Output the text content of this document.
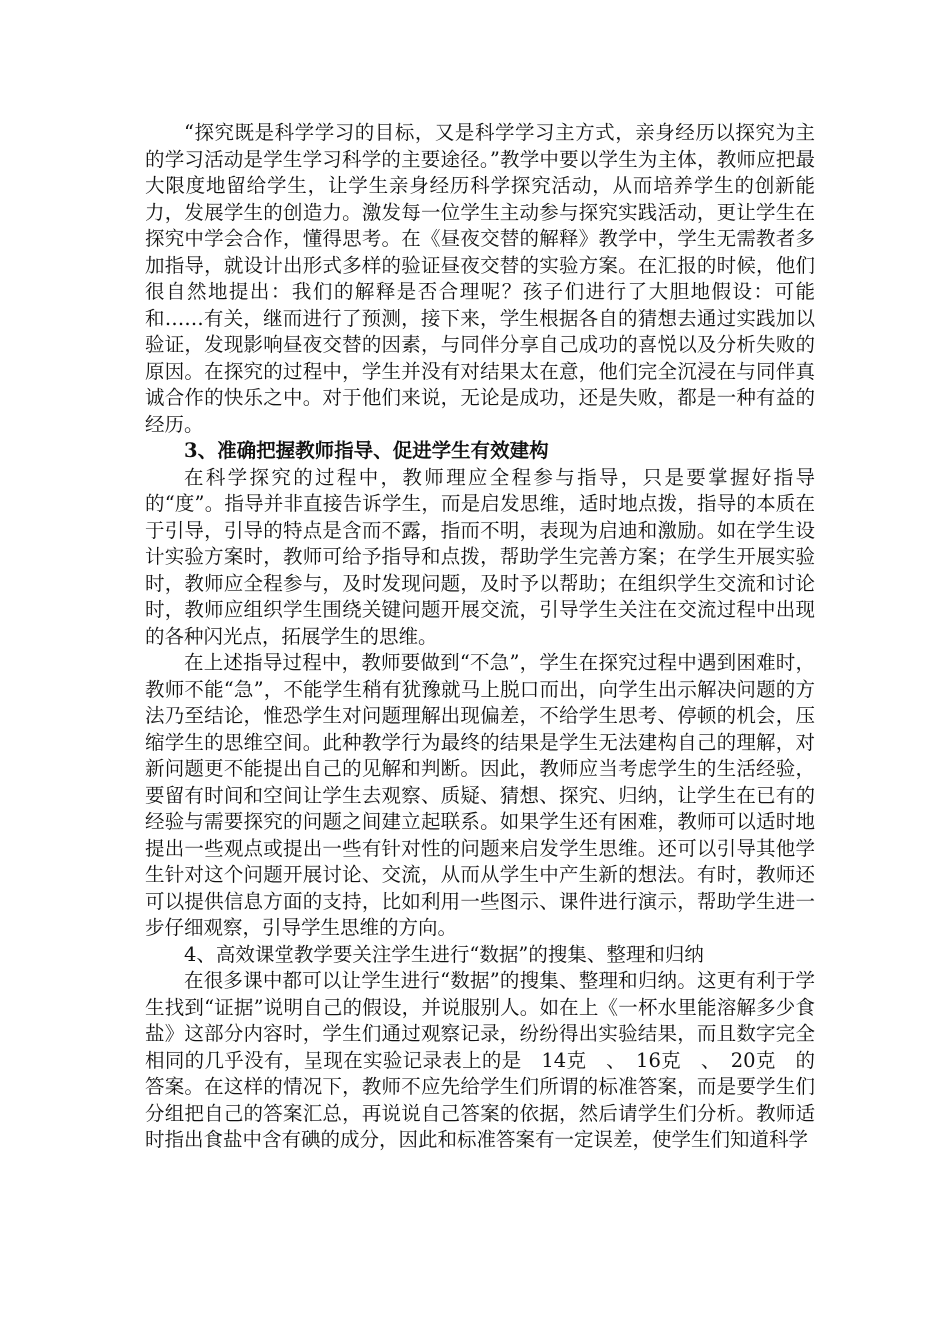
“探究既是科学学习的目标，又是科学学习主方式，亲身经历以探究为主的学习活动是学生学习科学的主要途径。”教学中要以学生为主体，教师应把最大限度地留给学生，让学生亲身经历科学探究活动，从而培养学生的创新能力，发展学生的创造力。激发每一位学生主动参与探究实践活动，更让学生在探究中学会合作，懂得思考。在《昼夜交替的解释》教学中，学生无需教者多加指导，就设计出形式多样的验证昼夜交替的实验方案。在汇报的时候，他们很自然地提出：我们的解释是否合理呢？孩子们进行了大胆地假设：可能和……有关，继而进行了预测，接下来，学生根据各自的猜想去通过实践加以验证，发现影响昼夜交替的因素，与同伴分享自己成功的喜悦以及分析失败的原因。在探究的过程中，学生并没有对结果太在意，他们完全沉浸在与同伴真诚合作的快乐之中。对于他们来说，无论是成功，还是失败，都是一种有益的经历。

3、准确把握教师指导、促进学生有效建构

在科学探究的过程中，教师理应全程参与指导，只是要掌握好指导的“度”。指导并非直接告诉学生，而是启发思维，适时地点拨，指导的本质在于引导，引导的特点是含而不露，指而不明，表现为启迪和激励。如在学生设计实验方案时，教师可给予指导和点拨，帮助学生完善方案；在学生开展实验时，教师应全程参与，及时发现问题，及时予以帮助；在组织学生交流和讨论时，教师应组织学生围绕关键问题开展交流，引导学生关注在交流过程中出现的各种闪光点，拓展学生的思维。

在上述指导过程中，教师要做到“不急”，学生在探究过程中遇到困难时，教师不能“急”，不能学生稍有犹豫就马上脱口而出，向学生出示解决问题的方法乃至结论，惟恐学生对问题理解出现偏差，不给学生思考、停顿的机会，压缩学生的思维空间。此种教学行为最终的结果是学生无法建构自己的理解，对新问题更不能提出自己的见解和判断。因此，教师应当考虑学生的生活经验，要留有时间和空间让学生去观察、质疑、猜想、探究、归纳，让学生在已有的经验与需要探究的问题之间建立起联系。如果学生还有困难，教师可以适时地提出一些观点或提出一些有针对性的问题来启发学生思维。还可以引导其他学生针对这个问题开展讨论、交流，从而从学生中产生新的想法。有时，教师还可以提供信息方面的支持，比如利用一些图示、课件进行演示，帮助学生进一步仔细观察，引导学生思维的方向。

4、高效课堂教学要关注学生进行“数据”的搜集、整理和归纳

在很多课中都可以让学生进行“数据”的搜集、整理和归纳。这更有利于学生找到“证据”说明自己的假设，并说服别人。如在上《一杯水里能溶解多少食盐》这部分内容时，学生们通过观察记录，纷纷得出实验结果，而且数字完全相同的几乎没有，呈现在实验记录表上的是　14克　、　16克　、　20克　的答案。在这样的情况下，教师不应先给学生们所谓的标准答案，而是要学生们分组把自己的答案汇总，再说说自己答案的依据，然后请学生们分析。教师适时指出食盐中含有碘的成分，因此和标准答案有一定误差，使学生们知道科学
